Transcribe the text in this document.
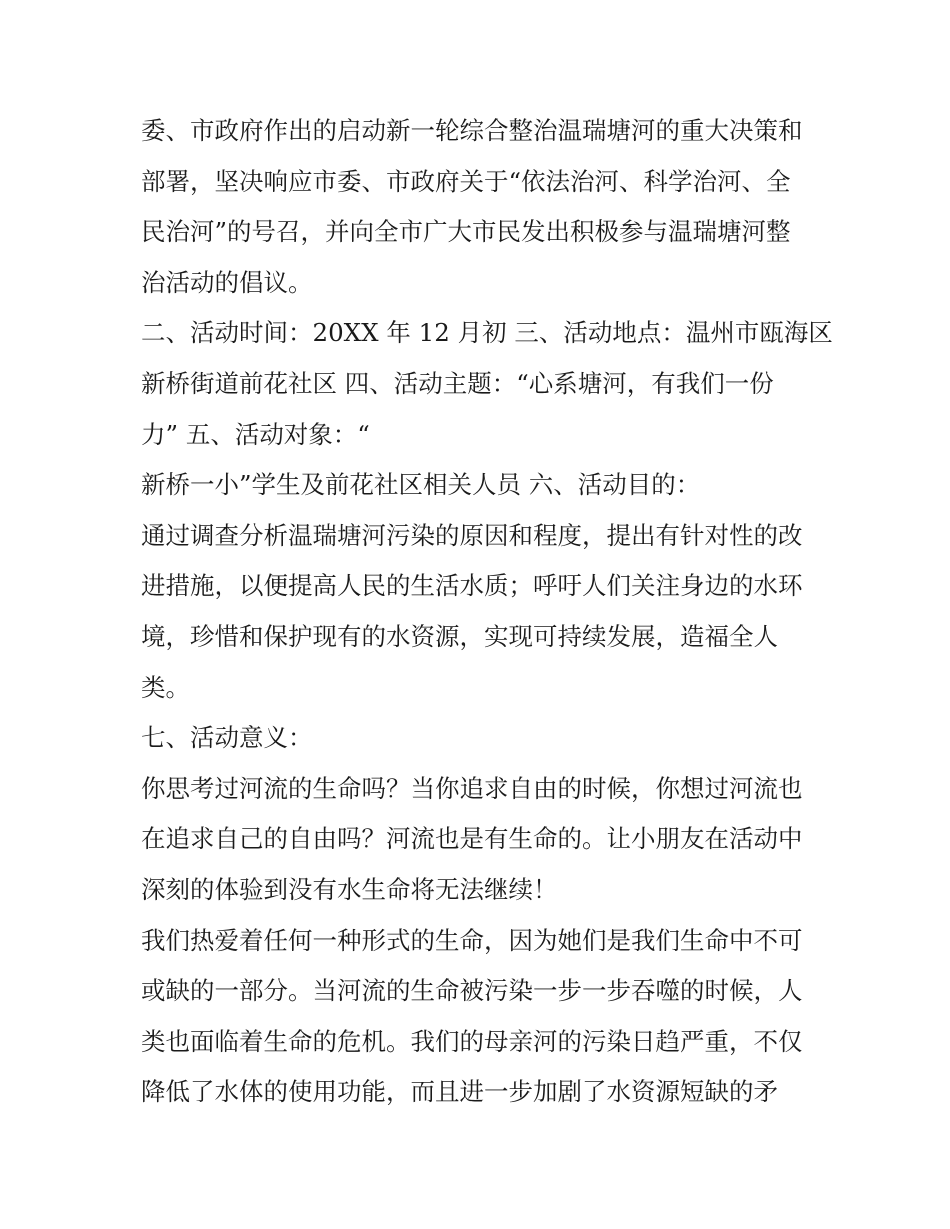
委、市政府作出的启动新一轮综合整治温瑞塘河的重大决策和
部署，坚决响应市委、市政府关于“依法治河、科学治河、全
民治河”的号召，并向全市广大市民发出积极参与温瑞塘河整
治活动的倡议。
二、活动时间：20XX 年 12 月初 三、活动地点：温州市瓯海区
新桥街道前花社区 四、活动主题：“心系塘河，有我们一份
力” 五、活动对象：“
新桥一小”学生及前花社区相关人员 六、活动目的：
通过调查分析温瑞塘河污染的原因和程度，提出有针对性的改
进措施，以便提高人民的生活水质；呼吁人们关注身边的水环
境，珍惜和保护现有的水资源，实现可持续发展，造福全人
类。
七、活动意义：
你思考过河流的生命吗？当你追求自由的时候，你想过河流也
在追求自己的自由吗？河流也是有生命的。让小朋友在活动中
深刻的体验到没有水生命将无法继续！
我们热爱着任何一种形式的生命，因为她们是我们生命中不可
或缺的一部分。当河流的生命被污染一步一步吞噬的时候，人
类也面临着生命的危机。我们的母亲河的污染日趋严重，不仅
降低了水体的使用功能，而且进一步加剧了水资源短缺的矛
